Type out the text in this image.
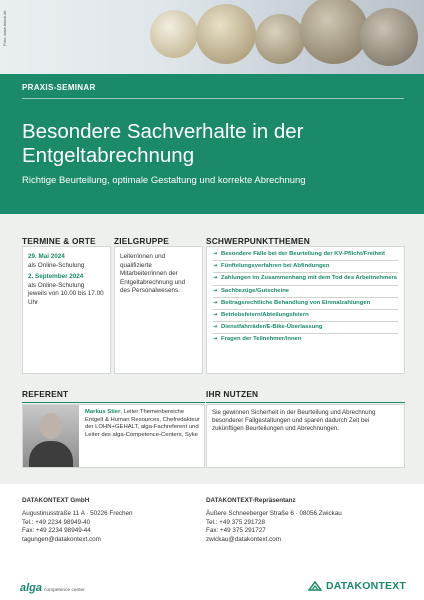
Foto: www.istock.de
PRAXIS-SEMINAR
Besondere Sachverhalte in der Entgeltabrechnung
Richtige Beurteilung, optimale Gestaltung und korrekte Abrechnung
TERMINE & ORTE	ZIELGRUPPE	SCHWERPUNKTTHEMEN
29. Mai 2024
als Online-Schulung
2. September 2024
als Online-Schulung
jeweils von 10.00 bis 17.00 Uhr
Leiter/innen und qualifizierte Mitarbeiter/innen der Entgeltabrechnung und des Personalwesens.
➔ Besondere Fälle bei der Beurteilung der KV-Pflicht/Freiheit
➔ Fünftelungsverfahren bei Abfindungen
➔ Zahlungen im Zusammenhang mit dem Tod des Arbeitnehmers
➔ Sachbezüge/Gutscheine
➔ Beitragsrechtliche Behandlung von Einmalzahlungen
➔ Betriebsfeiern/Abteilungsfeiern
➔ Dienstfahrräder/E-Bike-Überlassung
➔ Fragen der Teilnehmer/innen
REFERENT	IHR NUTZEN
Markus Stier, Leiter Themenbereiche Entgelt & Human Resources, Chefredakteur der LOHN+GEHALT, alga-Fachreferent und Leiter des alga-Competence-Centers, Syke
Sie gewinnen Sicherheit in der Beurteilung und Abrechnung besonderer Fallgestaltungen und sparen dadurch Zeit bei zukünftigen Beurteilungen und Abrechnungen.
DATAKONTEXT GmbH
Augustinusstraße 11 A · 50226 Frechen
Tel.: +49 2234 98949-40
Fax: +49 2234 98949-44
tagungen@datakontext.com
DATAKONTEXT-Repräsentanz
Äußere Schneeberger Straße 6 · 08056 Zwickau
Tel.: +49 375 291728
Fax: +49 375 291727
zwickau@datakontext.com
alga competence center	DATAKONTEXT
